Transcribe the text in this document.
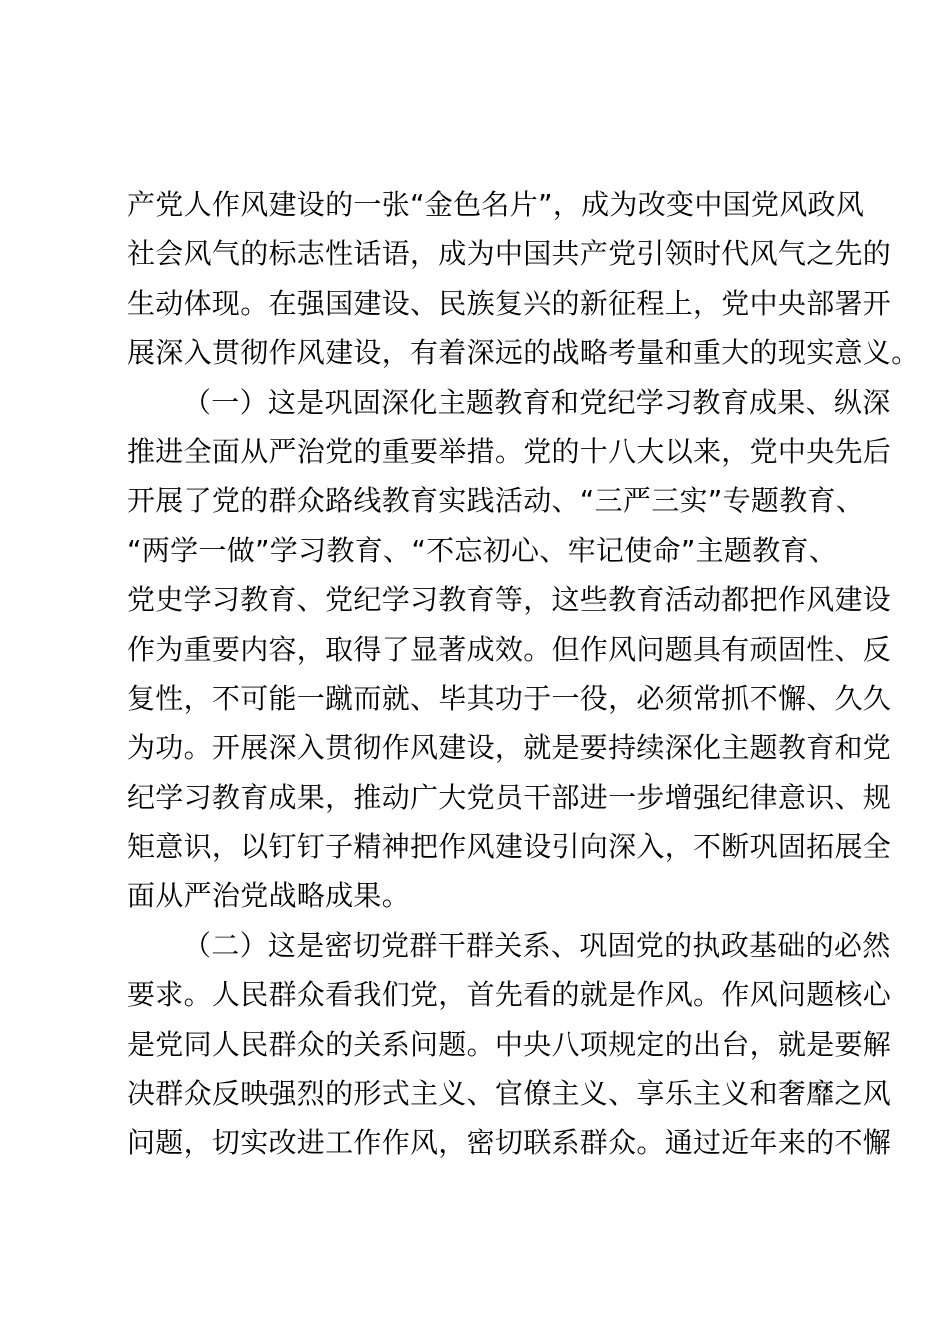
产党人作风建设的一张“金色名片”，成为改变中国党风政风
社会风气的标志性话语，成为中国共产党引领时代风气之先的
生动体现。在强国建设、民族复兴的新征程上，党中央部署开
展深入贯彻作风建设，有着深远的战略考量和重大的现实意义。
（一）这是巩固深化主题教育和党纪学习教育成果、纵深
推进全面从严治党的重要举措。党的十八大以来，党中央先后
开展了党的群众路线教育实践活动、“三严三实”专题教育、
“两学一做”学习教育、“不忘初心、牢记使命”主题教育、
党史学习教育、党纪学习教育等，这些教育活动都把作风建设
作为重要内容，取得了显著成效。但作风问题具有顽固性、反
复性，不可能一蹴而就、毕其功于一役，必须常抓不懈、久久
为功。开展深入贯彻作风建设，就是要持续深化主题教育和党
纪学习教育成果，推动广大党员干部进一步增强纪律意识、规
矩意识，以钉钉子精神把作风建设引向深入，不断巩固拓展全
面从严治党战略成果。
（二）这是密切党群干群关系、巩固党的执政基础的必然
要求。人民群众看我们党，首先看的就是作风。作风问题核心
是党同人民群众的关系问题。中央八项规定的出台，就是要解
决群众反映强烈的形式主义、官僚主义、享乐主义和奢靡之风
问题，切实改进工作作风，密切联系群众。通过近年来的不懈
